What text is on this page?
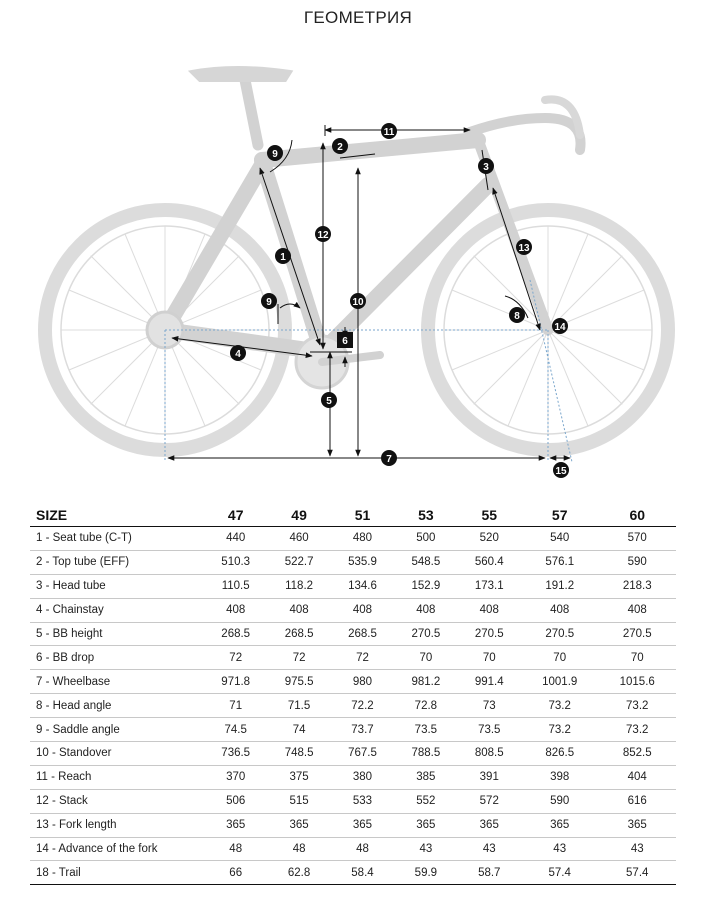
ГЕОМЕТРИЯ
1
2
3
4
5
6
7
8
9
9	10
11
12
13
14
15
SIZE	47	49	51	53	55	57	60
1 - Seat tube (C-T)	440	460	480	500	520	540	570
2 - Top tube (EFF)	510.3	522.7	535.9	548.5	560.4	576.1	590
3 - Head tube	110.5	118.2	134.6	152.9	173.1	191.2	218.3
4 - Chainstay	408	408	408	408	408	408	408
5 - BB height	268.5	268.5	268.5	270.5	270.5	270.5	270.5
6 - BB drop	72	72	72	70	70	70	70
7 - Wheelbase	971.8	975.5	980	981.2	991.4	1001.9	1015.6
8 - Head angle	71	71.5	72.2	72.8	73	73.2	73.2
9 - Saddle angle	74.5	74	73.7	73.5	73.5	73.2	73.2
10 - Standover	736.5	748.5	767.5	788.5	808.5	826.5	852.5
11 - Reach	370	375	380	385	391	398	404
12 - Stack	506	515	533	552	572	590	616
13 - Fork length	365	365	365	365	365	365	365
14 - Advance of the fork	48	48	48	43	43	43	43
18 - Trail	66	62.8	58.4	59.9	58.7	57.4	57.4
